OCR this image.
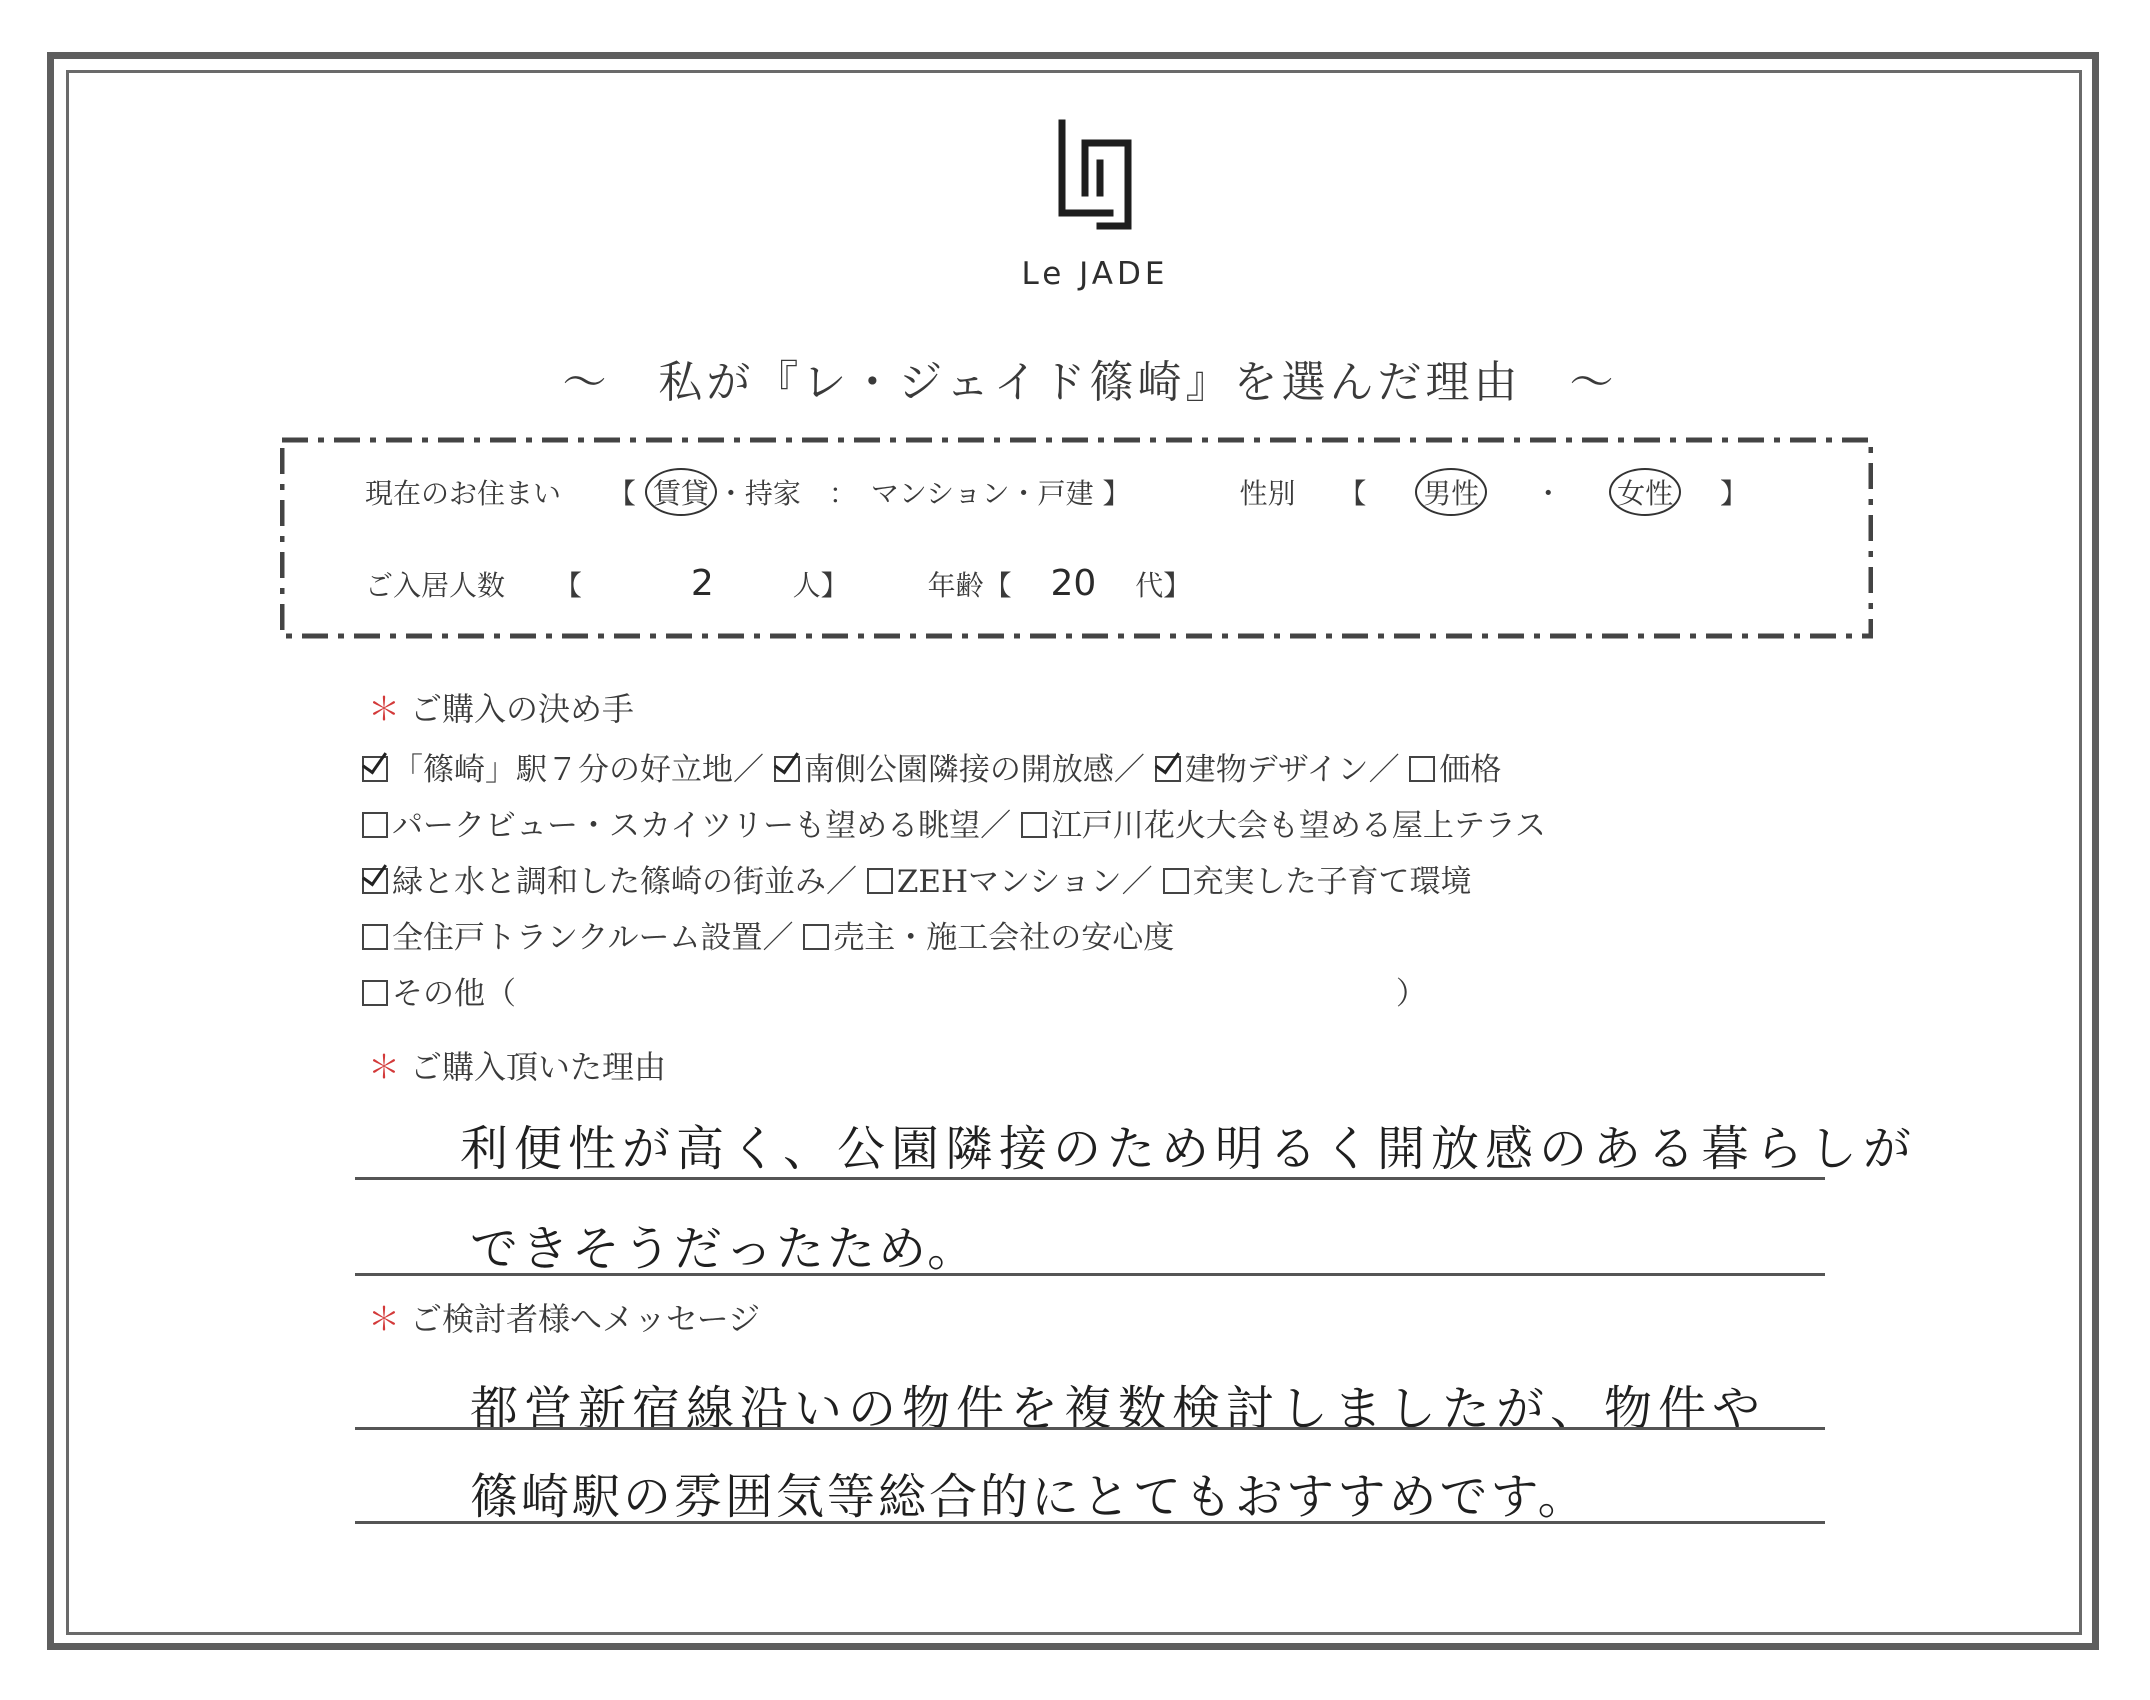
Le JADE
〜　私が『レ・ジェイド篠崎』を選んだ理由　〜
現在のお住まい 【 賃貸 ・持家　：　マンション・戸建 】	性別 【 男性 ・ 女性 】
ご入居人数 【	2	人】	年齢【 20 代】
＊ ご購入の決め手
「篠崎」駅７分の好立地／ 南側公園隣接の開放感／ 建物デザイン／ 価格
パークビュー・スカイツリーも望める眺望／ 江戸川花火大会も望める屋上テラス
緑と水と調和した篠崎の街並み／ ZEHマンション／ 充実した子育て環境
全住戸トランクルーム設置／ 売主・施工会社の安心度
その他（	）
＊ ご購入頂いた理由
利便性が高く、公園隣接のため明るく開放感のある暮らしが
できそうだったため。
＊ ご検討者様へメッセージ
都営新宿線沿いの物件を複数検討しましたが、物件や
篠崎駅の雰囲気等総合的にとてもおすすめです。
